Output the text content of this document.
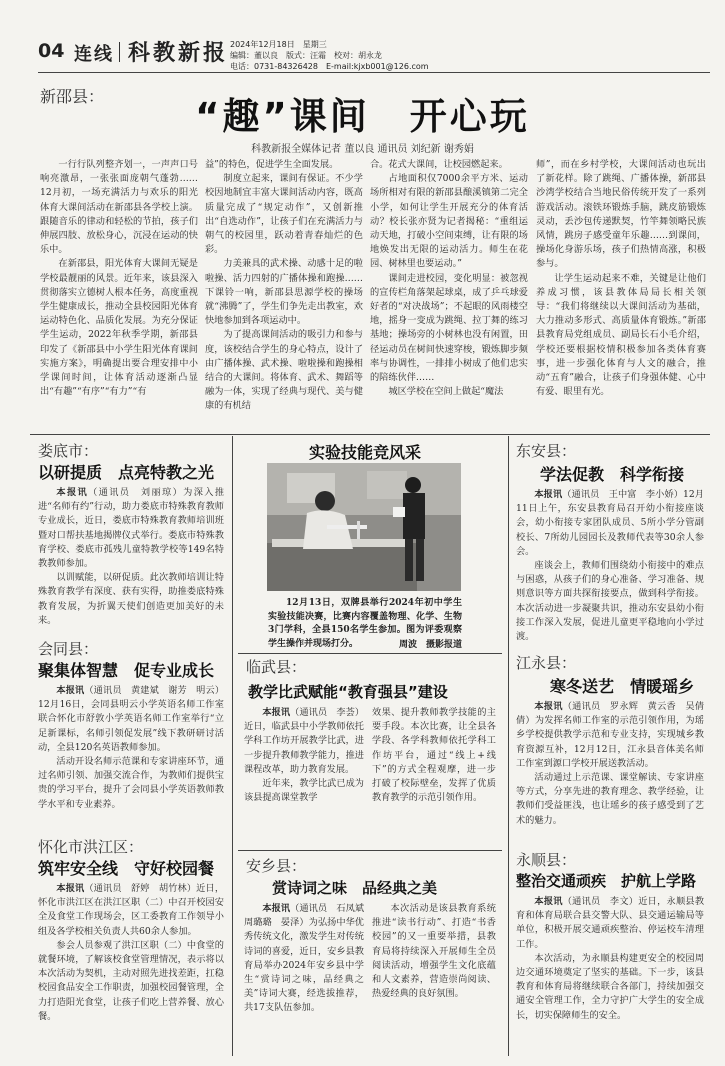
04 连线 科教新报 2024年12月18日　星期三
编辑：董以良　版式：汪霜　校对：胡永龙
电话：0731-84326428　E-mail:kjxb001@126.com
新邵县：	“趣”课间　开心玩
科教新报全媒体记者 董以良 通讯员 刘纪新 谢秀娟

一行行队列整齐划一，一声声口号响亮激昂，一张张面庞朝气蓬勃……12月初，一场充满活力与欢乐的阳光体育大课间活动在新邵县各学校上演。跟随音乐的律动和轻松的节拍，孩子们伸展四肢、放松身心，沉浸在运动的快乐中。

在新邵县，阳光体育大课间无疑是学校最靓丽的风景。近年来，该县深入贯彻落实立德树人根本任务，高度重视学生健康成长，推动全县校园阳光体育运动特色化、品质化发展。为充分保证学生运动，2022年秋季学期，新邵县印发了《新邵县中小学生阳光体育课间实施方案》，明确提出要合理安排中小学课间时间，让体育活动逐渐凸显出“有趣”“有序”“有力”“有

益”的特色，促进学生全面发展。

制度立起来，课间有保证。不少学校因地制宜丰富大课间活动内容，既高质量完成了“规定动作”，又创新推出“自选动作”，让孩子们在充满活力与朝气的校园里，跃动着青春灿烂的色彩。

力美兼具的武术操、动感十足的啦啦操、活力四射的广播体操和跑操……下课铃一响，新邵县思源学校的操场就“沸腾”了，学生们争先走出教室，欢快地参加到各项运动中。

为了提高课间活动的吸引力和参与度，该校结合学生的身心特点，设计了由广播体操、武术操、啦啦操和跑操相结合的大课间。将体育、武术、舞蹈等融为一体，实现了经典与现代、美与健康的有机结

合。花式大课间，让校园燃起来。

占地面积仅7000余平方米、运动场所相对有限的新邵县酿溪镇第二完全小学，如何让学生开展充分的体育活动？校长张亦贤为记者揭秘：“重组运动天地，打破小空间束缚，让有限的场地焕发出无限的运动活力。师生在花园、树林里也要运动。”

课间走进校园，变化明显：被忽视的宣传栏角落架起球桌，成了乒乓球爱好者的“对决战场”；不起眼的风雨楼空地，摇身一变成为跳绳、拉丁舞的练习基地；操场旁的小树林也没有闲置，田径运动员在树间快速穿梭，锻炼脚步频率与协调性，一排排小树成了他们忠实的陪练伙伴……

城区学校在空间上做起“魔法

师”，而在乡村学校，大课间活动也玩出了新花样。除了跳绳、广播体操，新邵县沙湾学校结合当地民俗传统开发了一系列游戏活动。滚铁环锻炼手脑，跳皮筋锻炼灵动，丢沙包传递默契，竹竿舞领略民族风情，跳房子感受童年乐趣……到课间，操场化身游乐场，孩子们热情高涨，积极参与。

让学生运动起来不难，关键是让他们养成习惯，该县教体局局长相关领导：“我们将继续以大课间活动为基础，大力推动多形式、高质量体育锻炼。”新邵县教育局党组成员、副局长石小毛介绍，学校还要根据校情积极参加各类体育赛事，进一步强化体育与人文的融合，推动“五育”融合，让孩子们身强体健、心中有爱、眼里有光。

娄底市：
以研提质　点亮特教之光

本报讯（通讯员　刘丽琼）为深入推进“名师有约”行动，助力娄底市特殊教育教师专业成长，近日，娄底市特殊教育教师培训班暨对口帮扶基地揭牌仪式举行。娄底市特殊教育学校、娄底市孤残儿童特教学校等149名特教教师参加。

以训赋能，以研促质。此次教师培训让特殊教育教学有深度、获有实得，助推娄底特殊教育发展，为折翼天使们创造更加美好的未来。

会同县：
聚集体智慧　促专业成长

本报讯（通讯员　黄建斌　谢芳　明云）12月16日，会同县明云小学英语名师工作室联合怀化市舒敦小学英语名师工作室举行“立足新课标，名师引领促发展”线下教研研讨活动，全县120名英语教师参加。

活动开设名师示范课和专家讲座环节，通过名师引领、加强交流合作，为教师们提供宝贵的学习平台，提升了会同县小学英语教师教学水平和专业素养。

怀化市洪江区：
筑牢安全线　守好校园餐

本报讯（通讯员　舒婷　胡竹林）近日，怀化市洪江区在洪江区职（二）中召开校园安全及食堂工作现场会，区工委教育工作领导小组及各学校相关负责人共60余人参加。

参会人员参观了洪江区职（二）中食堂的就餐环境，了解该校食堂管理情况，表示将以本次活动为契机，主动对照先进找差距，扛稳校园食品安全工作职责，加强校园餐管理，全力打造阳光食堂，让孩子们吃上营养餐、放心餐。

实验技能竞风采
12月13日，双牌县举行2024年初中学生实验技能决赛，比赛内容覆盖物理、化学、生物3门学科，全县150名学生参加。图为评委观察学生操作并现场打分。	周波　摄影报道
临武县：
教学比武赋能“教育强县”建设

本报讯（通讯员　李荟）近日，临武县中小学教师依托学科工作坊开展教学比武，进一步提升教师教学能力，推进课程改革，助力教育发展。

近年来，教学比武已成为该县提高课堂教学

效果、提升教师教学技能的主要手段。本次比赛，让全县各学段、各学科教师依托学科工作坊平台，通过“线上+线下”的方式全程观摩，进一步打破了校际壁垒，发挥了优质教育教学的示范引领作用。

安乡县：
赏诗词之味　品经典之美

本报讯（通讯员　石凤斌　周璐璐　晏泽）为弘扬中华优秀传统文化，激发学生对传统诗词的喜爱，近日，安乡县教育局举办2024年安乡县中学生“赏诗词之味，品经典之美”诗词大赛，经选拔推荐，共17支队伍参加。

本次活动是该县教育系统推进“读书行动”、打造“书香校园”的又一重要举措，县教育局将持续深入开展师生全员阅读活动，增强学生文化底蕴和人文素养，营造崇尚阅读、热爱经典的良好氛围。

东安县：
学法促教　科学衔接

本报讯（通讯员　王中富　李小娇）12月11日上午，东安县教育局召开幼小衔接座谈会，幼小衔接专家团队成员、5所小学分管副校长、7所幼儿园园长及教师代表等30余人参会。

座谈会上，教师们围绕幼小衔接中的难点与困惑，从孩子们的身心准备、学习准备、规则意识等方面共探衔接要点，做到科学衔接。本次活动进一步凝聚共识，推动东安县幼小衔接工作深入发展，促进儿童更平稳地向小学过渡。

江永县：
寒冬送艺　情暖瑶乡

本报讯（通讯员　罗永辉　黄云香　吴倩倩）为发挥名师工作室的示范引领作用，为瑶乡学校提供教学示范和专业支持，实现城乡教育资源互补，12月12日，江永县音体美名师工作室到源口学校开展送教活动。

活动通过上示范课、课堂解读、专家讲座等方式，分享先进的教育理念、教学经验，让教师们受益匪浅，也让瑶乡的孩子感受到了艺术的魅力。

永顺县：
整治交通顽疾　护航上学路

本报讯（通讯员　李文）近日，永顺县教育和体育局联合县交警大队、县交通运输局等单位，积极开展交通顽疾整治、停运校车清理工作。

本次活动，为永顺县构建更安全的校园周边交通环境奠定了坚实的基础。下一步，该县教育和体育局将继续联合各部门，持续加强交通安全管理工作，全力守护广大学生的安全成长，切实保障师生的安全。
